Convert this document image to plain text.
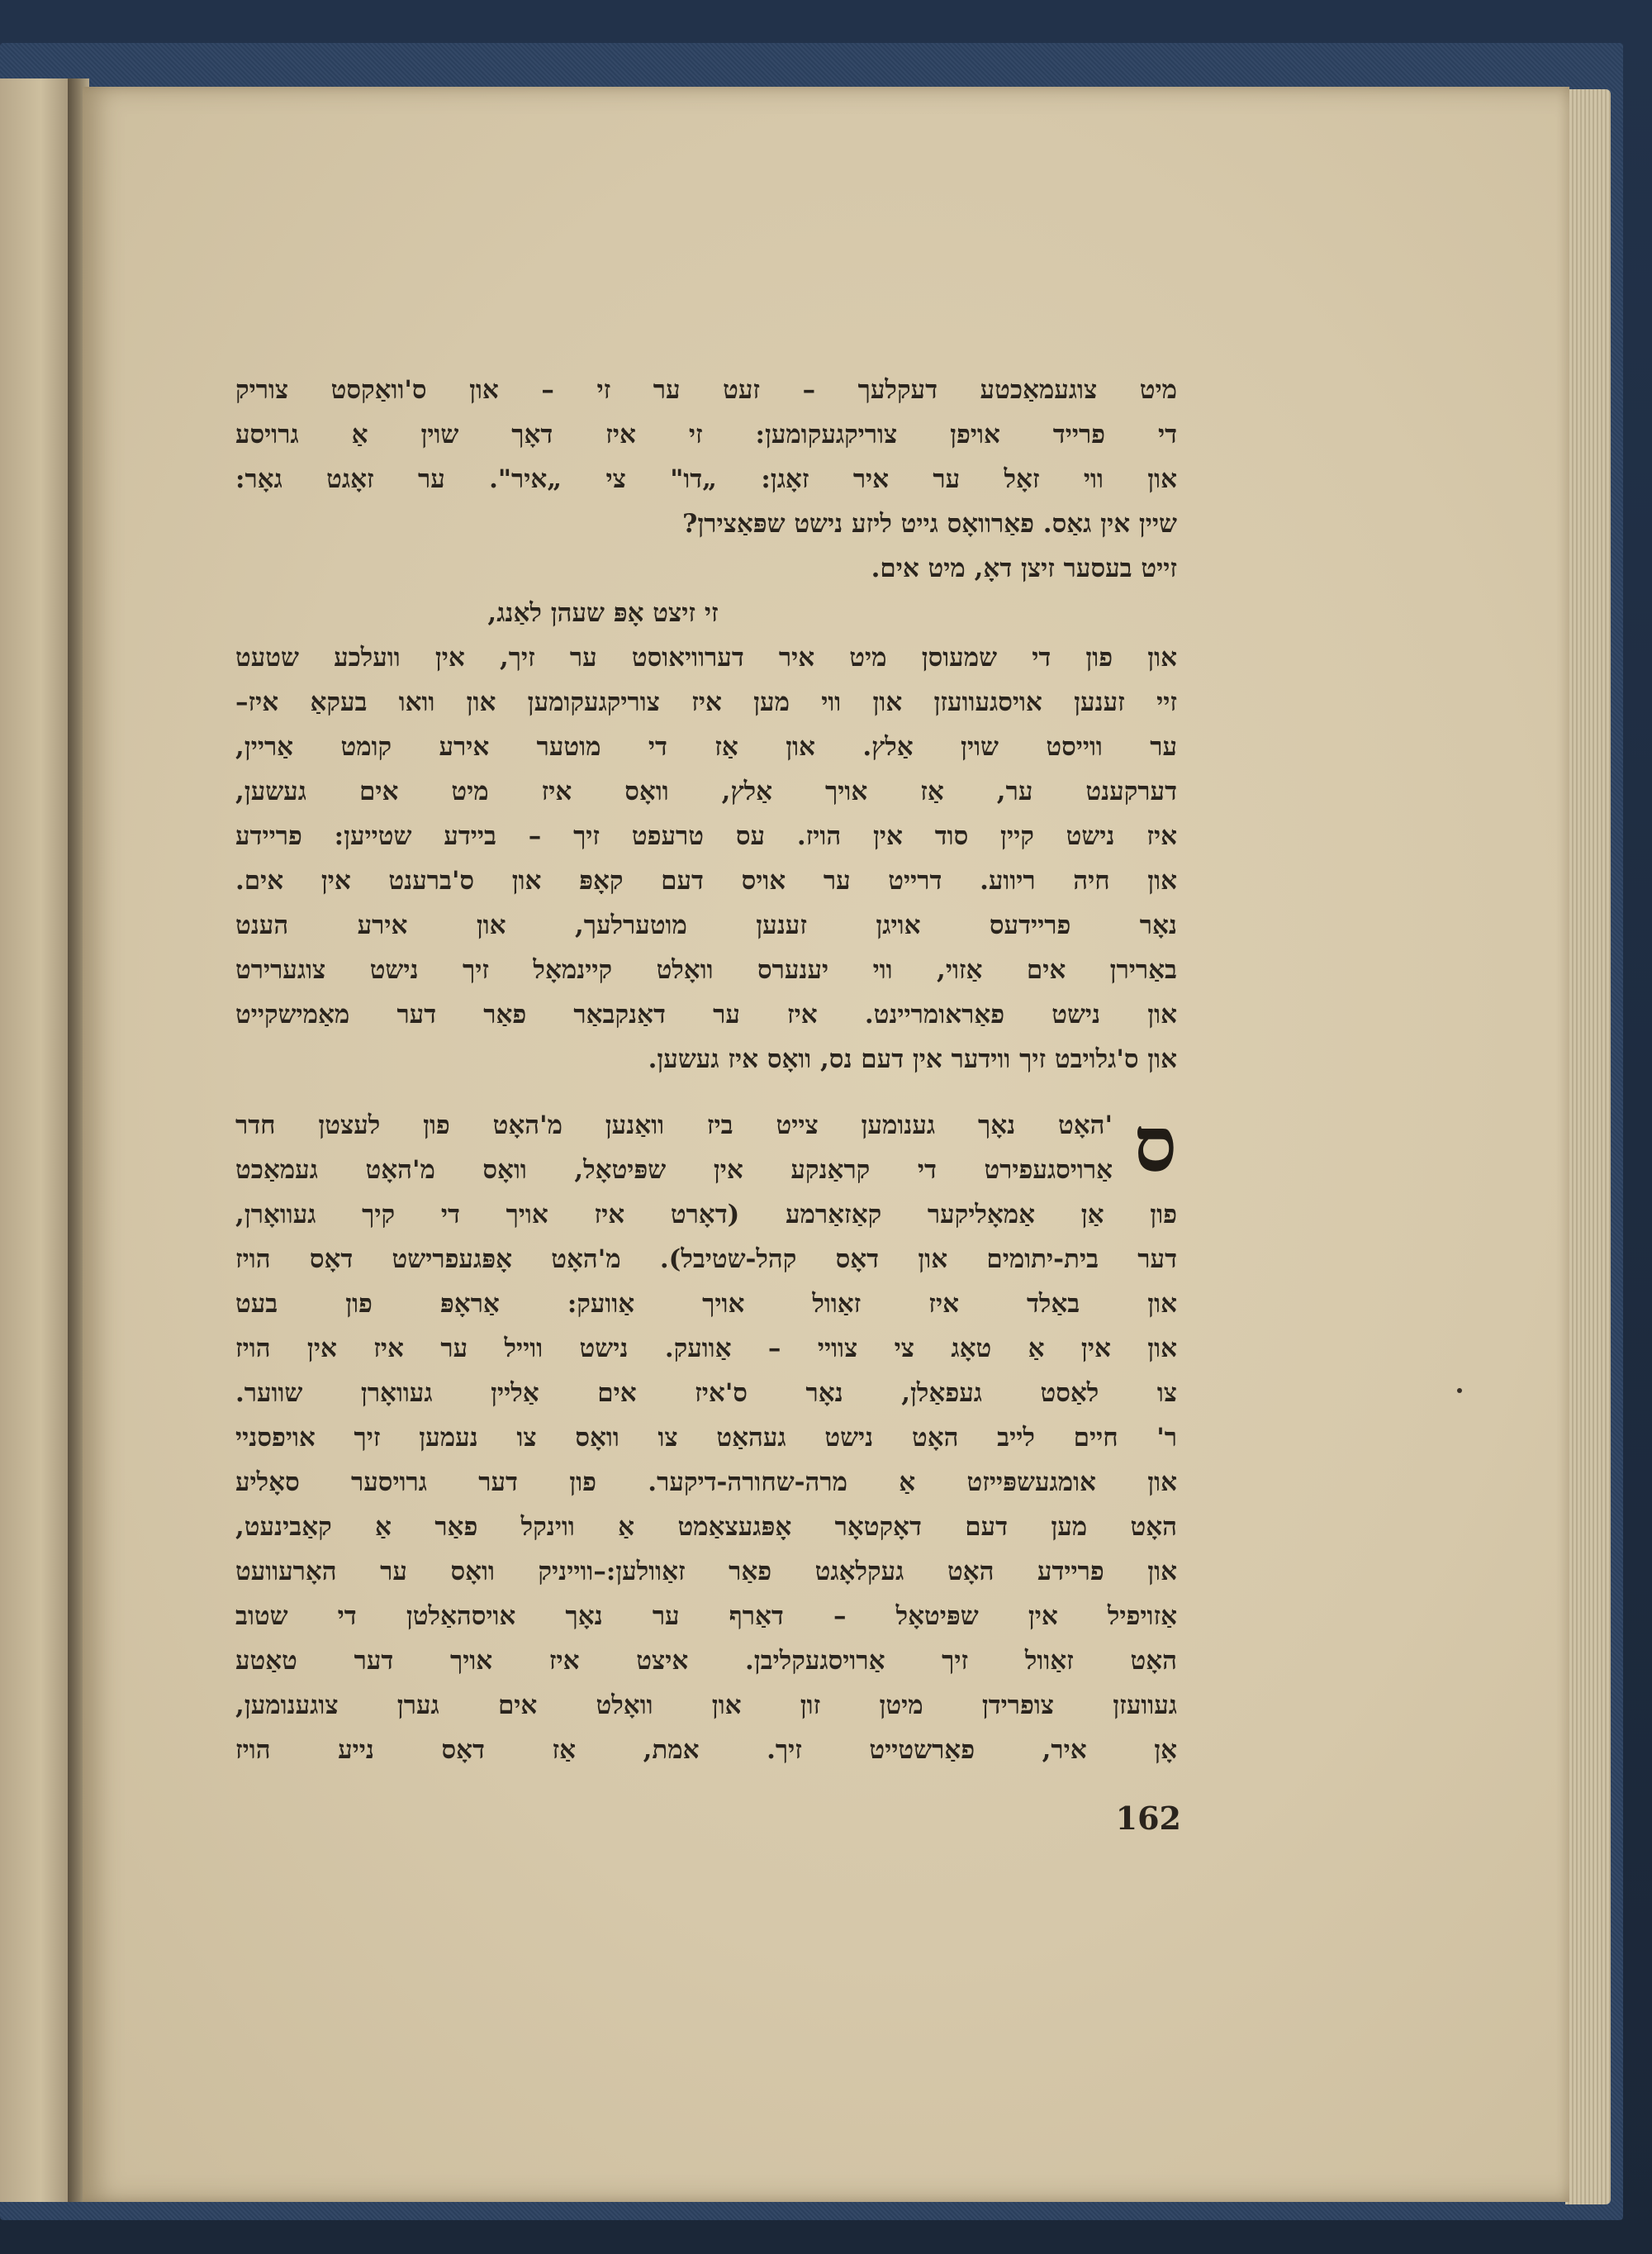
מיט צוגעמאַכטע דעקלעך – זעט ער זי – און ס'וואַקסט צוריק
די פרייד אויפן צוריקגעקומען: זי איז דאָך שוין אַ גרויסע
און ווי זאָל ער איר זאָגן: „דו" צי „איר". ער זאָגט גאָר:
שיין אין גאַס. פאַרוואָס גייט ליזע נישט שפּאַצירן?
זייט בעסער זיצן דאָ, מיט אים.
זי זיצט אָפּ שעהן לאַנג,
און פון די שמעוסן מיט איר דערוויאוסט ער זיך, אין וועלכע שטעט
זיי זענען אויסגעוועזן און ווי מען איז צוריקגעקומען און וואו בעקאַ איז–
ער ווייסט שוין אַלץ. און אַז די מוטער אירע קומט אַריין,
דערקענט ער, אַז אויך אַלץ, וואָס איז מיט אים געשען,
איז נישט קיין סוד אין הויז. עס טרעפט זיך – ביידע שטייען: פריידע
און חיה ריווע. דרייט ער אויס דעם קאָפּ און ס'ברענט אין אים.
נאָר פריידעס אויגן זענען מוטערלעך, און אירע הענט
באַרירן אים אַזוי, ווי יענערס וואָלט קיינמאָל זיך נישט צוגערירט
און נישט פאַראומריינט. איז ער דאַנקבאַר פאַר דער מאַמישקייט
און ס'גלויבט זיך ווידער אין דעם נס, וואָס איז געשען.
ס
'האָט נאָך גענומען צייט ביז וואַנען מ'האָט פון לעצטן חדר
אַרויסגעפירט די קראַנקע אין שפּיטאָל, וואָס מ'האָט געמאַכט
פון אַן אַמאָליקער קאַזאַרמע (דאָרט איז אויך די קיך געוואָרן,
דער בית-יתומים און דאָס קהל-שטיבל). מ'האָט אָפּגעפרישט דאָס הויז
און באַלד איז זאַוול אויך אַוועק: אַראָפּ פון בעט
און אין אַ טאָג צי צוויי – אַוועק. נישט ווייל ער איז אין הויז
צו לאַסט געפאַלן, נאָר ס'איז אים אַליין געוואָרן שווער.
ר' חיים לייב האָט נישט געהאַט צו וואָס צו נעמען זיך אויפסניי
און אומגעשפּייזט אַ מרה-שחורה-דיקער. פון דער גרויסער סאָליע
האָט מען דעם דאָקטאָר אָפּגעצאַמט אַ ווינקל פאַר אַ קאַבינעט,
און פריידע האָט געקלאָגט פאַר זאַוולען:–ווייניק וואָס ער האָרעוועט
אַזויפיל אין שפּיטאָל – דאַרף ער נאָך אויסהאַלטן די שטוב
האָט זאַוול זיך אַרויסגעקליבן. איצט איז אויך דער טאַטע
געוועזן צופרידן מיטן זון און וואָלט אים גערן צוגענומען,
אָן איר, פאַרשטייט זיך. אמת, אַז דאָס נייע הויז
162
